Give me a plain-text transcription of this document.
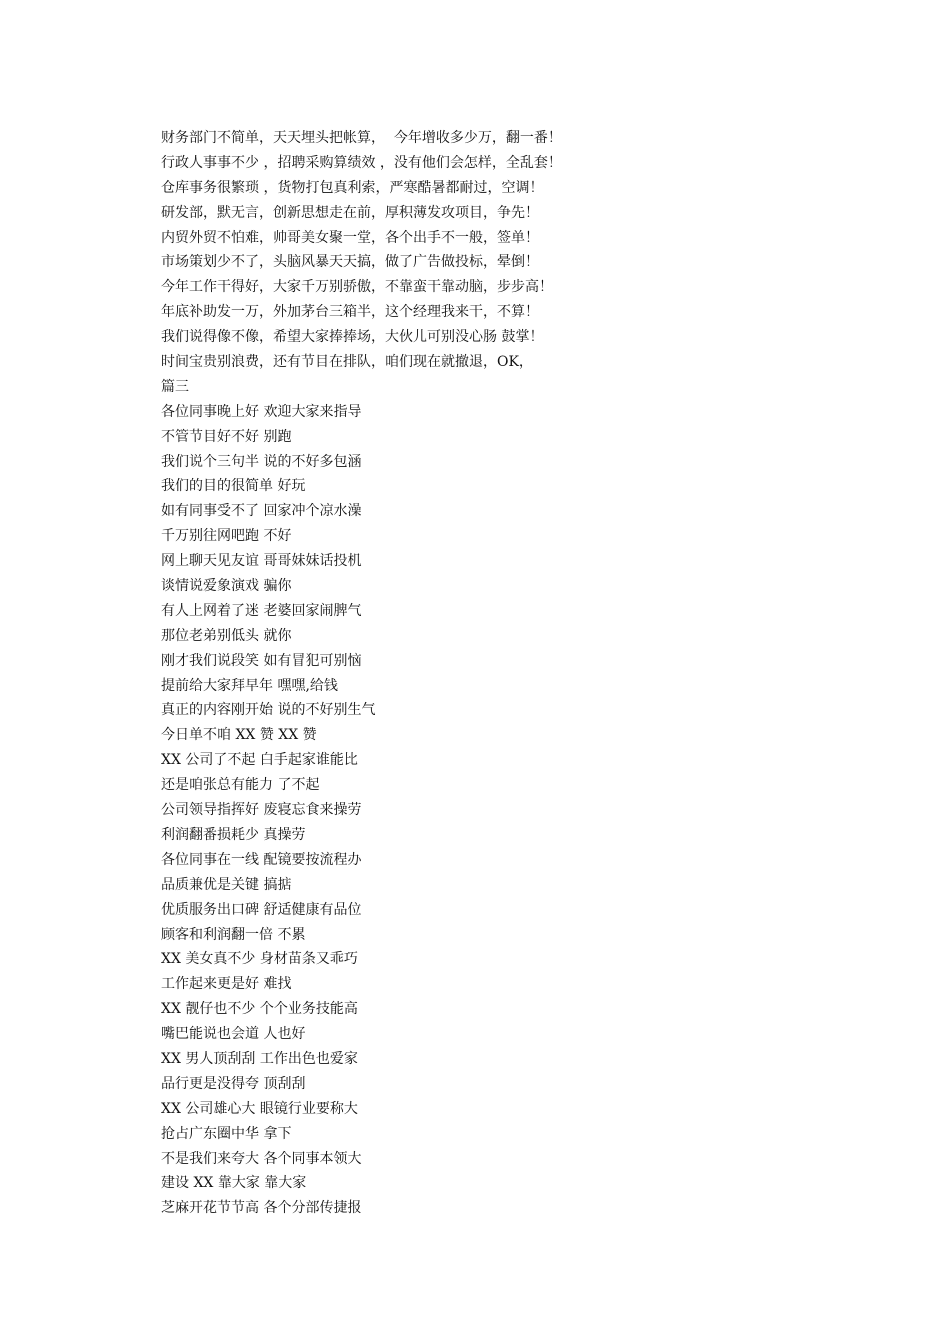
财务部门不简单，天天埋头把帐算，  今年增收多少万，翻一番！
行政人事事不少 ，招聘采购算绩效 ，没有他们会怎样，全乱套！
仓库事务很繁琐 ，货物打包真利索，严寒酷暑都耐过，空调！
研发部，默无言，创新思想走在前，厚积薄发攻项目，争先！
内贸外贸不怕难，帅哥美女聚一堂，各个出手不一般，签单！
市场策划少不了，头脑风暴天天搞，做了广告做投标，晕倒！
今年工作干得好，大家千万别骄傲，不靠蛮干靠动脑，步步高！
年底补助发一万，外加茅台三箱半，这个经理我来干，不算！
我们说得像不像，希望大家捧捧场，大伙儿可别没心肠 鼓掌！
时间宝贵别浪费，还有节目在排队，咱们现在就撤退，OK，
篇三
各位同事晚上好 欢迎大家来指导
不管节目好不好 别跑
我们说个三句半 说的不好多包涵
我们的目的很简单 好玩
如有同事受不了 回家冲个凉水澡
千万别往网吧跑 不好
网上聊天见友谊 哥哥妹妹话投机
谈情说爱象演戏 骗你
有人上网着了迷 老婆回家闹脾气
那位老弟别低头 就你
刚才我们说段笑 如有冒犯可别恼
提前给大家拜早年 嘿嘿,给钱
真正的内容刚开始 说的不好别生气
今日单不咱 XX 赞 XX 赞
XX 公司了不起 白手起家谁能比
还是咱张总有能力 了不起
公司领导指挥好 废寝忘食来操劳
利润翻番损耗少 真操劳
各位同事在一线 配镜要按流程办
品质兼优是关键 搞掂
优质服务出口碑 舒适健康有品位
顾客和利润翻一倍 不累
XX 美女真不少 身材苗条又乖巧
工作起来更是好 难找
XX 靓仔也不少 个个业务技能高
嘴巴能说也会道 人也好
XX 男人顶刮刮 工作出色也爱家
品行更是没得夸 顶刮刮
XX 公司雄心大 眼镜行业要称大
抢占广东圈中华 拿下
不是我们来夸大 各个同事本领大
建设 XX 靠大家 靠大家
芝麻开花节节高 各个分部传捷报
